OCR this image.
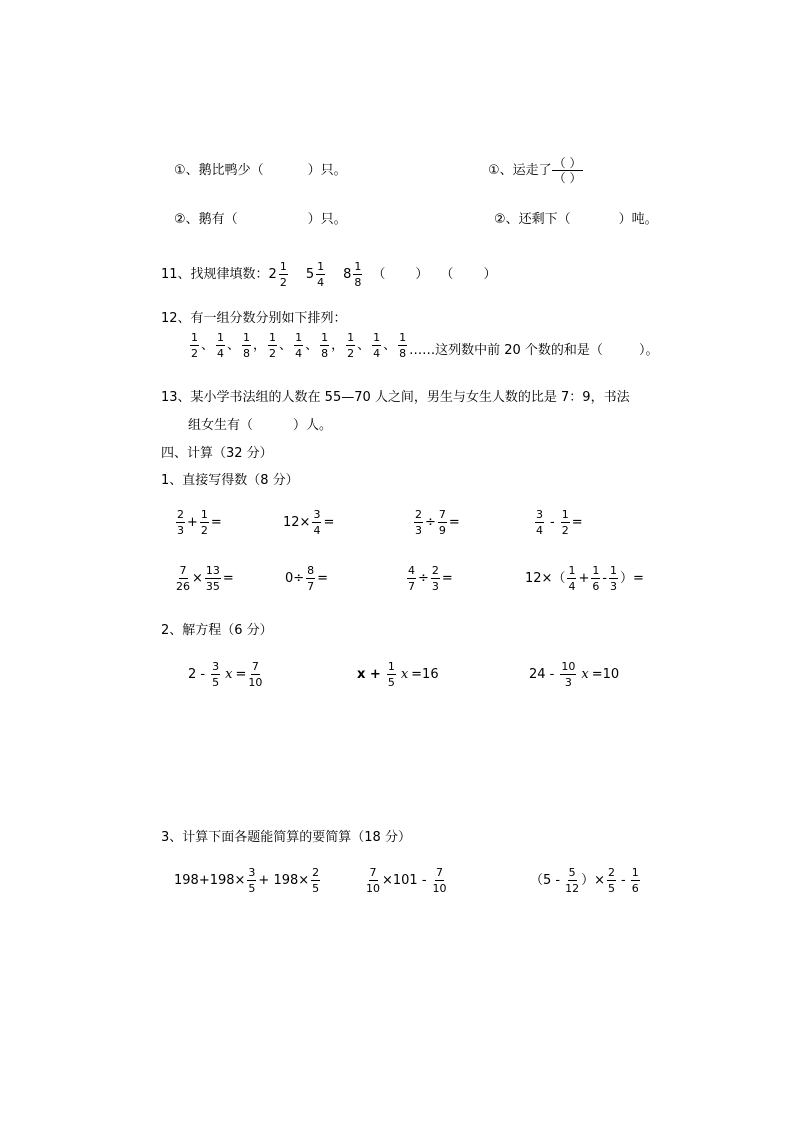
①、鹅比鸭少（	）只。	①、运走了 $\frac{( )}{( )}$
②、鹅有（	）只。	②、还剩下（	）吨。
11、找规律填数： $2 \frac{1}{2} 5 \frac{1}{4} 8 \frac{1}{8}$ （ ） （ ）
12、有一组分数分别如下排列：
$\frac{1}{2}$ 、 $\frac{1}{4}$ 、 $\frac{1}{8}$ ， $\frac{1}{2}$ 、 $\frac{1}{4}$ 、 $\frac{1}{8}$ ， $\frac{1}{2}$ 、 $\frac{1}{4}$ 、 $\frac{1}{8}$ ……这列数中前 20 个数的和是（	）。
13、某小学书法组的人数在 55—70 人之间，男生与女生人数的比是 7：9，书法
组女生有（	）人。
四、计算（32 分）
1、直接写得数（8 分）
$\frac{2}{3} + \frac{1}{2}$ =	$12\times \frac{3}{4}$ =	$\frac{2}{3} \div \frac{7}{9}$ =	$\frac{3}{4} - \frac{1}{2}$ =
$\frac{7}{26} \times \frac{13}{35}$ =	$0\div \frac{8}{7}$ =	$\frac{4}{7} \div \frac{2}{3}$ =	$12\times( \frac{1}{4} + \frac{1}{6} - \frac{1}{3}$ ）=
2、解方程（6 分）
$2 - \frac{3}{5}$ $x = \frac{7}{10}$	$x + \frac{1}{5}$ x =16	$24 - \frac{10}{3}$ x =10
3、计算下面各题能简算的要简算（18 分）
$198+198\times \frac{3}{5} + 198\times \frac{2}{5}$	$\frac{7}{10} \times 101 - \frac{7}{10}$	（$5 - \frac{5}{12}$ ）× $\frac{2}{5} - \frac{1}{6}$
